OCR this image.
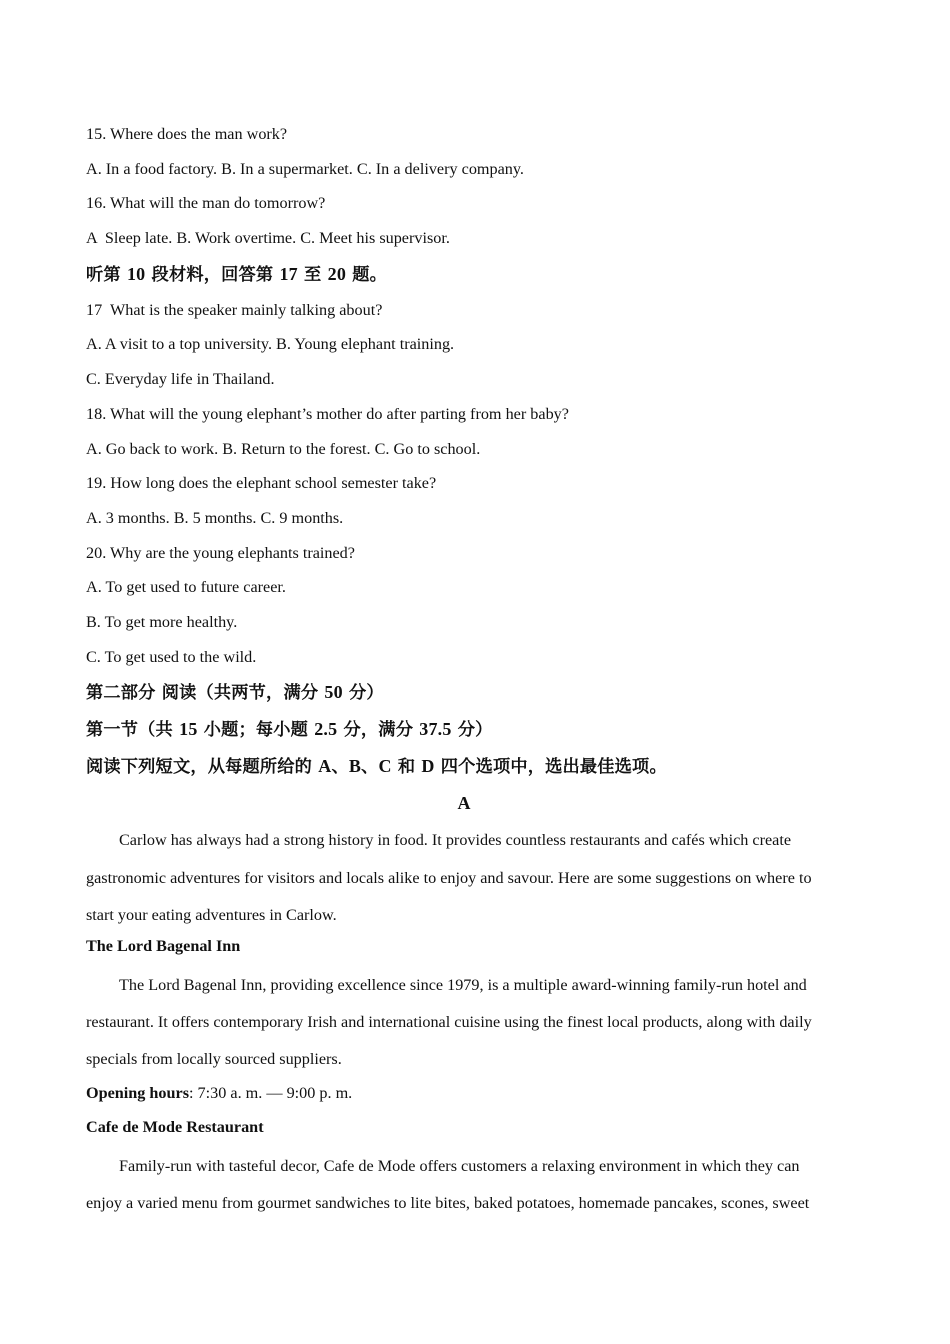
15. Where does the man work?
A. In a food factory. B. In a supermarket. C. In a delivery company.
16. What will the man do tomorrow?
A  Sleep late. B. Work overtime. C. Meet his supervisor.
听第 10 段材料，回答第 17 至 20 题。
17  What is the speaker mainly talking about?
A. A visit to a top university. B. Young elephant training.
C. Everyday life in Thailand.
18. What will the young elephant’s mother do after parting from her baby?
A. Go back to work. B. Return to the forest. C. Go to school.
19. How long does the elephant school semester take?
A. 3 months. B. 5 months. C. 9 months.
20. Why are the young elephants trained?
A. To get used to future career.
B. To get more healthy.
C. To get used to the wild.
第二部分 阅读（共两节，满分 50 分）
第一节（共 15 小题；每小题 2.5 分，满分 37.5 分）
阅读下列短文，从每题所给的 A、B、C 和 D 四个选项中，选出最佳选项。
A
Carlow has always had a strong history in food. It provides countless restaurants and cafés which create
gastronomic adventures for visitors and locals alike to enjoy and savour. Here are some suggestions on where to
start your eating adventures in Carlow.
The Lord Bagenal Inn
The Lord Bagenal Inn, providing excellence since 1979, is a multiple award-winning family-run hotel and
restaurant. It offers contemporary Irish and international cuisine using the finest local products, along with daily
specials from locally sourced suppliers.
Opening hours: 7:30 a. m. — 9:00 p. m.
Cafe de Mode Restaurant
Family-run with tasteful decor, Cafe de Mode offers customers a relaxing environment in which they can
enjoy a varied menu from gourmet sandwiches to lite bites, baked potatoes, homemade pancakes, scones, sweet
